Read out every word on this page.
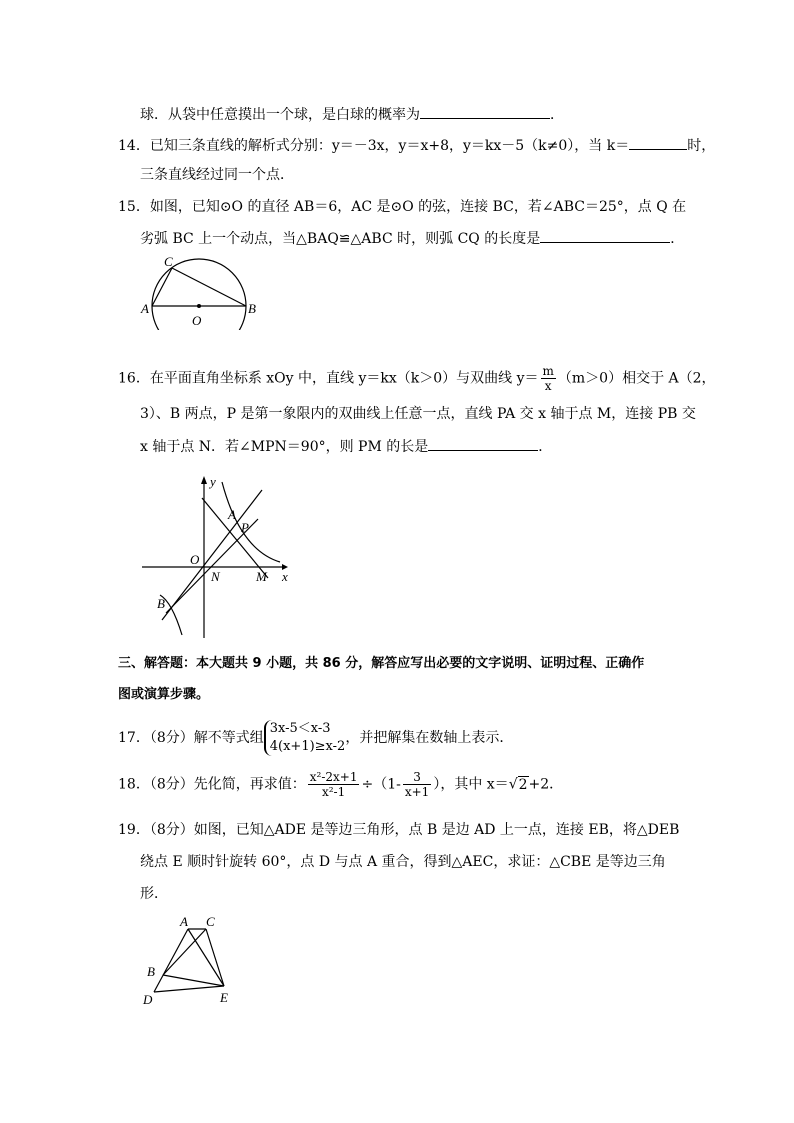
球．从袋中任意摸出一个球，是白球的概率为	．
14．已知三条直线的解析式分别：y＝－3x，y＝x+8，y＝kx－5（k≠0），当 k＝	时，
三条直线经过同一个点．
15．如图，已知⊙O 的直径 AB＝6，AC 是⊙O 的弦，连接 BC，若∠ABC＝25°，点 Q 在
劣弧 BC 上一个动点，当△BAQ≌△ABC 时，则弧 CQ 的长度是	．
C
A	B
O
16．在平面直角坐标系 xOy 中，直线 y＝kx（k＞0）与双曲线 $y= \frac{m}{x} (m>0)$相交于 A（2，
3）、B 两点，P 是第一象限内的双曲线上任意一点，直线 PA 交 x 轴于点 M，连接 PB 交
x 轴于点 N．若∠MPN＝90°，则 PM 的长是	．
y
x
A
P
O
N	M
B
三、解答题：本大题共 9 小题，共 86 分，解答应写出必要的文字说明、证明过程、正确作
图或演算步骤。
17．（8分）解不等式组
3x-5＜x-3
4(x+1)≥x-2
，并把解集在数轴上表示．
18．（8分）先化简，再求值： $\frac{\text{x²-2x+1}}{\text{x²-1}} \div(1- \frac{3}{x+1}$ ），其中 x＝√2+2．
19．（8分）如图，已知△ADE 是等边三角形，点 B 是边 AD 上一点，连接 EB，将△DEB
绕点 E 顺时针旋转 60°，点 D 与点 A 重合，得到△AEC，求证：△CBE 是等边三角
形．
A C
B
D	E
